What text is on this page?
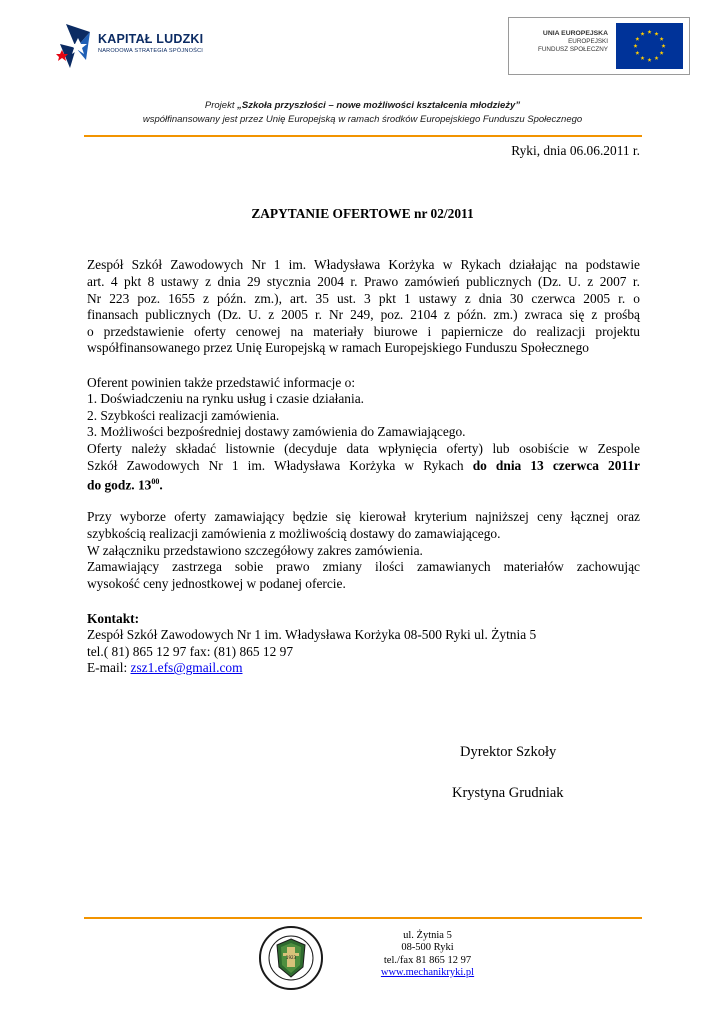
KAPITAŁ LUDZKI
NARODOWA STRATEGIA SPÓJNOŚCI
UNIA EUROPEJSKA
EUROPEJSKI
FUNDUSZ SPOŁECZNY
Projekt „Szkoła przyszłości – nowe możliwości kształcenia młodzieży”
współfinansowany jest przez Unię Europejską w ramach środków Europejskiego Funduszu Społecznego
Ryki, dnia 06.06.2011 r.
ZAPYTANIE OFERTOWE nr 02/2011
Zespół Szkół Zawodowych Nr 1 im. Władysława Korżyka w Rykach działając na podstawie
art. 4 pkt 8 ustawy z dnia 29 stycznia 2004 r. Prawo zamówień publicznych (Dz. U. z 2007 r.
Nr 223 poz. 1655 z późn. zm.), art. 35 ust. 3 pkt 1 ustawy z dnia 30 czerwca 2005 r. o
finansach publicznych (Dz. U. z 2005 r. Nr 249, poz. 2104 z późn. zm.) zwraca się z prośbą
o przedstawienie oferty cenowej na materiały biurowe i papiernicze do realizacji projektu
współfinansowanego przez Unię Europejską w ramach Europejskiego Funduszu Społecznego
Oferent powinien także przedstawić informacje o:
1. Doświadczeniu na rynku usług i czasie działania.
2. Szybkości realizacji zamówienia.
3. Możliwości bezpośredniej dostawy zamówienia do Zamawiającego.
Oferty należy składać listownie (decyduje data wpłynięcia oferty) lub osobiście w Zespole
Szkół Zawodowych Nr 1 im. Władysława Korżyka w Rykach do dnia 13 czerwca 2011r
do godz. $13^{00}$.
Przy wyborze oferty zamawiający będzie się kierował kryterium najniższej ceny łącznej oraz
szybkością realizacji zamówienia z możliwością dostawy do zamawiającego.
W załączniku przedstawiono szczegółowy zakres zamówienia.
Zamawiający zastrzega sobie prawo zmiany ilości zamawianych materiałów zachowując
wysokość ceny jednostkowej w podanej ofercie.
Kontakt:
Zespół Szkół Zawodowych Nr 1 im. Władysława Korżyka 08-500 Ryki ul. Żytnia 5
tel.( 81) 865 12 97 fax: (81) 865 12 97
E-mail: zsz1.efs@gmail.com
Dyrektor Szkoły
Krystyna Grudniak
1923
ul. Żytnia 5
08-500 Ryki
tel./fax 81 865 12 97
www.mechanikryki.pl
